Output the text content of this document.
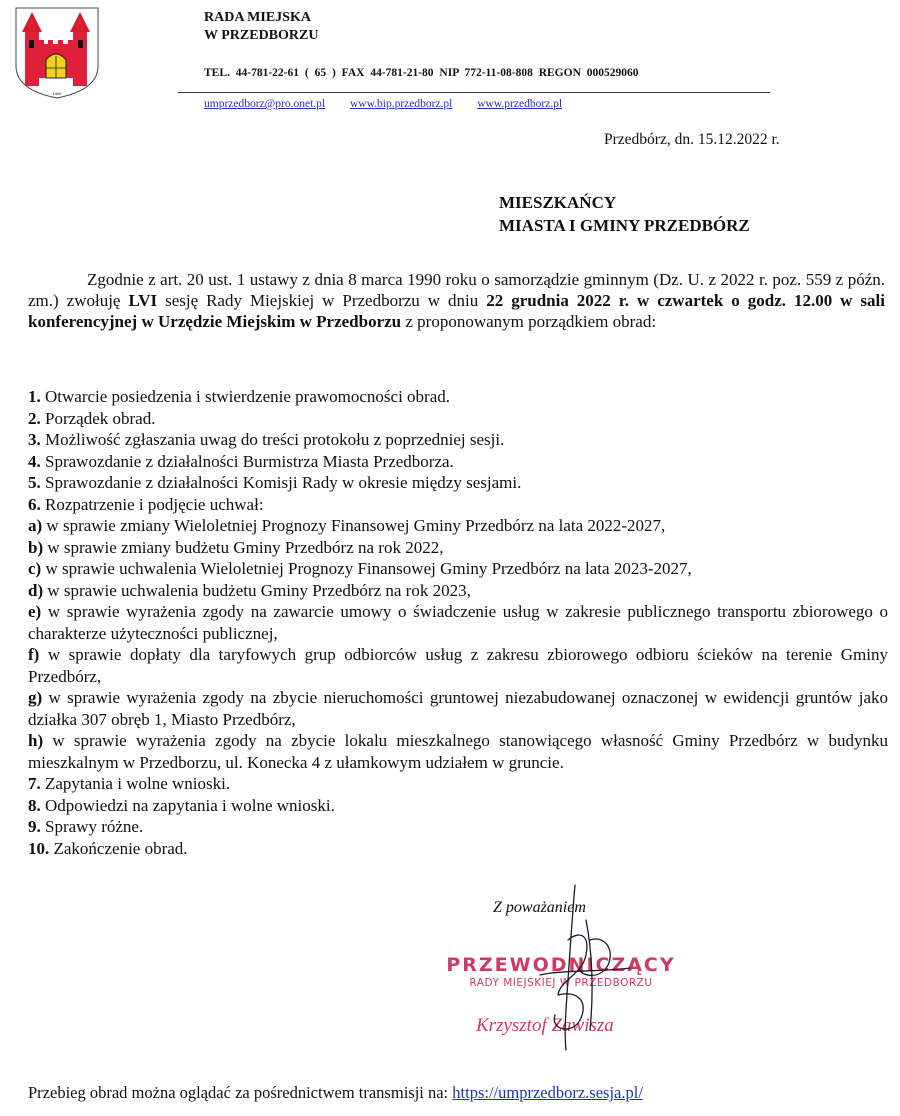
1405
RADA MIEJSKA
W PRZEDBORZU
TEL. 44-781-22-61 ( 65 ) FAX 44-781-21-80 NIP 772-11-08-808 REGON 000529060
umprzedborz@pro.onet.pl www.bip.przedborz.pl www.przedborz.pl
Przedbórz, dn. 15.12.2022 r.
MIESZKAŃCY
MIASTA I GMINY PRZEDBÓRZ
Zgodnie z art. 20 ust. 1 ustawy z dnia 8 marca 1990 roku o samorządzie gminnym (Dz. U. z 2022 r. poz. 559 z późn. zm.) zwołuję LVI sesję Rady Miejskiej w Przedborzu w dniu 22 grudnia 2022 r. w czwartek o godz. 12.00 w sali konferencyjnej w Urzędzie Miejskim w Przedborzu z proponowanym porządkiem obrad:
1. Otwarcie posiedzenia i stwierdzenie prawomocności obrad.
2. Porządek obrad.
3. Możliwość zgłaszania uwag do treści protokołu z poprzedniej sesji.
4. Sprawozdanie z działalności Burmistrza Miasta Przedborza.
5. Sprawozdanie z działalności Komisji Rady w okresie między sesjami.
6. Rozpatrzenie i podjęcie uchwał:
a) w sprawie zmiany Wieloletniej Prognozy Finansowej Gminy Przedbórz na lata 2022-2027,
b) w sprawie zmiany budżetu Gminy Przedbórz na rok 2022,
c) w sprawie uchwalenia Wieloletniej Prognozy Finansowej Gminy Przedbórz na lata 2023-2027,
d) w sprawie uchwalenia budżetu Gminy Przedbórz na rok 2023,
e) w sprawie wyrażenia zgody na zawarcie umowy o świadczenie usług w zakresie publicznego transportu zbiorowego o charakterze użyteczności publicznej,
f) w sprawie dopłaty dla taryfowych grup odbiorców usług z zakresu zbiorowego odbioru ścieków na terenie Gminy Przedbórz,
g) w sprawie wyrażenia zgody na zbycie nieruchomości gruntowej niezabudowanej oznaczonej w ewidencji gruntów jako działka 307 obręb 1, Miasto Przedbórz,
h) w sprawie wyrażenia zgody na zbycie lokalu mieszkalnego stanowiącego własność Gminy Przedbórz w budynku mieszkalnym w Przedborzu, ul. Konecka 4 z ułamkowym udziałem w gruncie.
7. Zapytania i wolne wnioski.
8. Odpowiedzi na zapytania i wolne wnioski.
9. Sprawy różne.
10. Zakończenie obrad.
Z poważaniem
PRZEWODNICZĄCY
RADY MIEJSKIEJ W PRZEDBORZU
Krzysztof Zawisza
Przebieg obrad można oglądać za pośrednictwem transmisji na: https://umprzedborz.sesja.pl/
